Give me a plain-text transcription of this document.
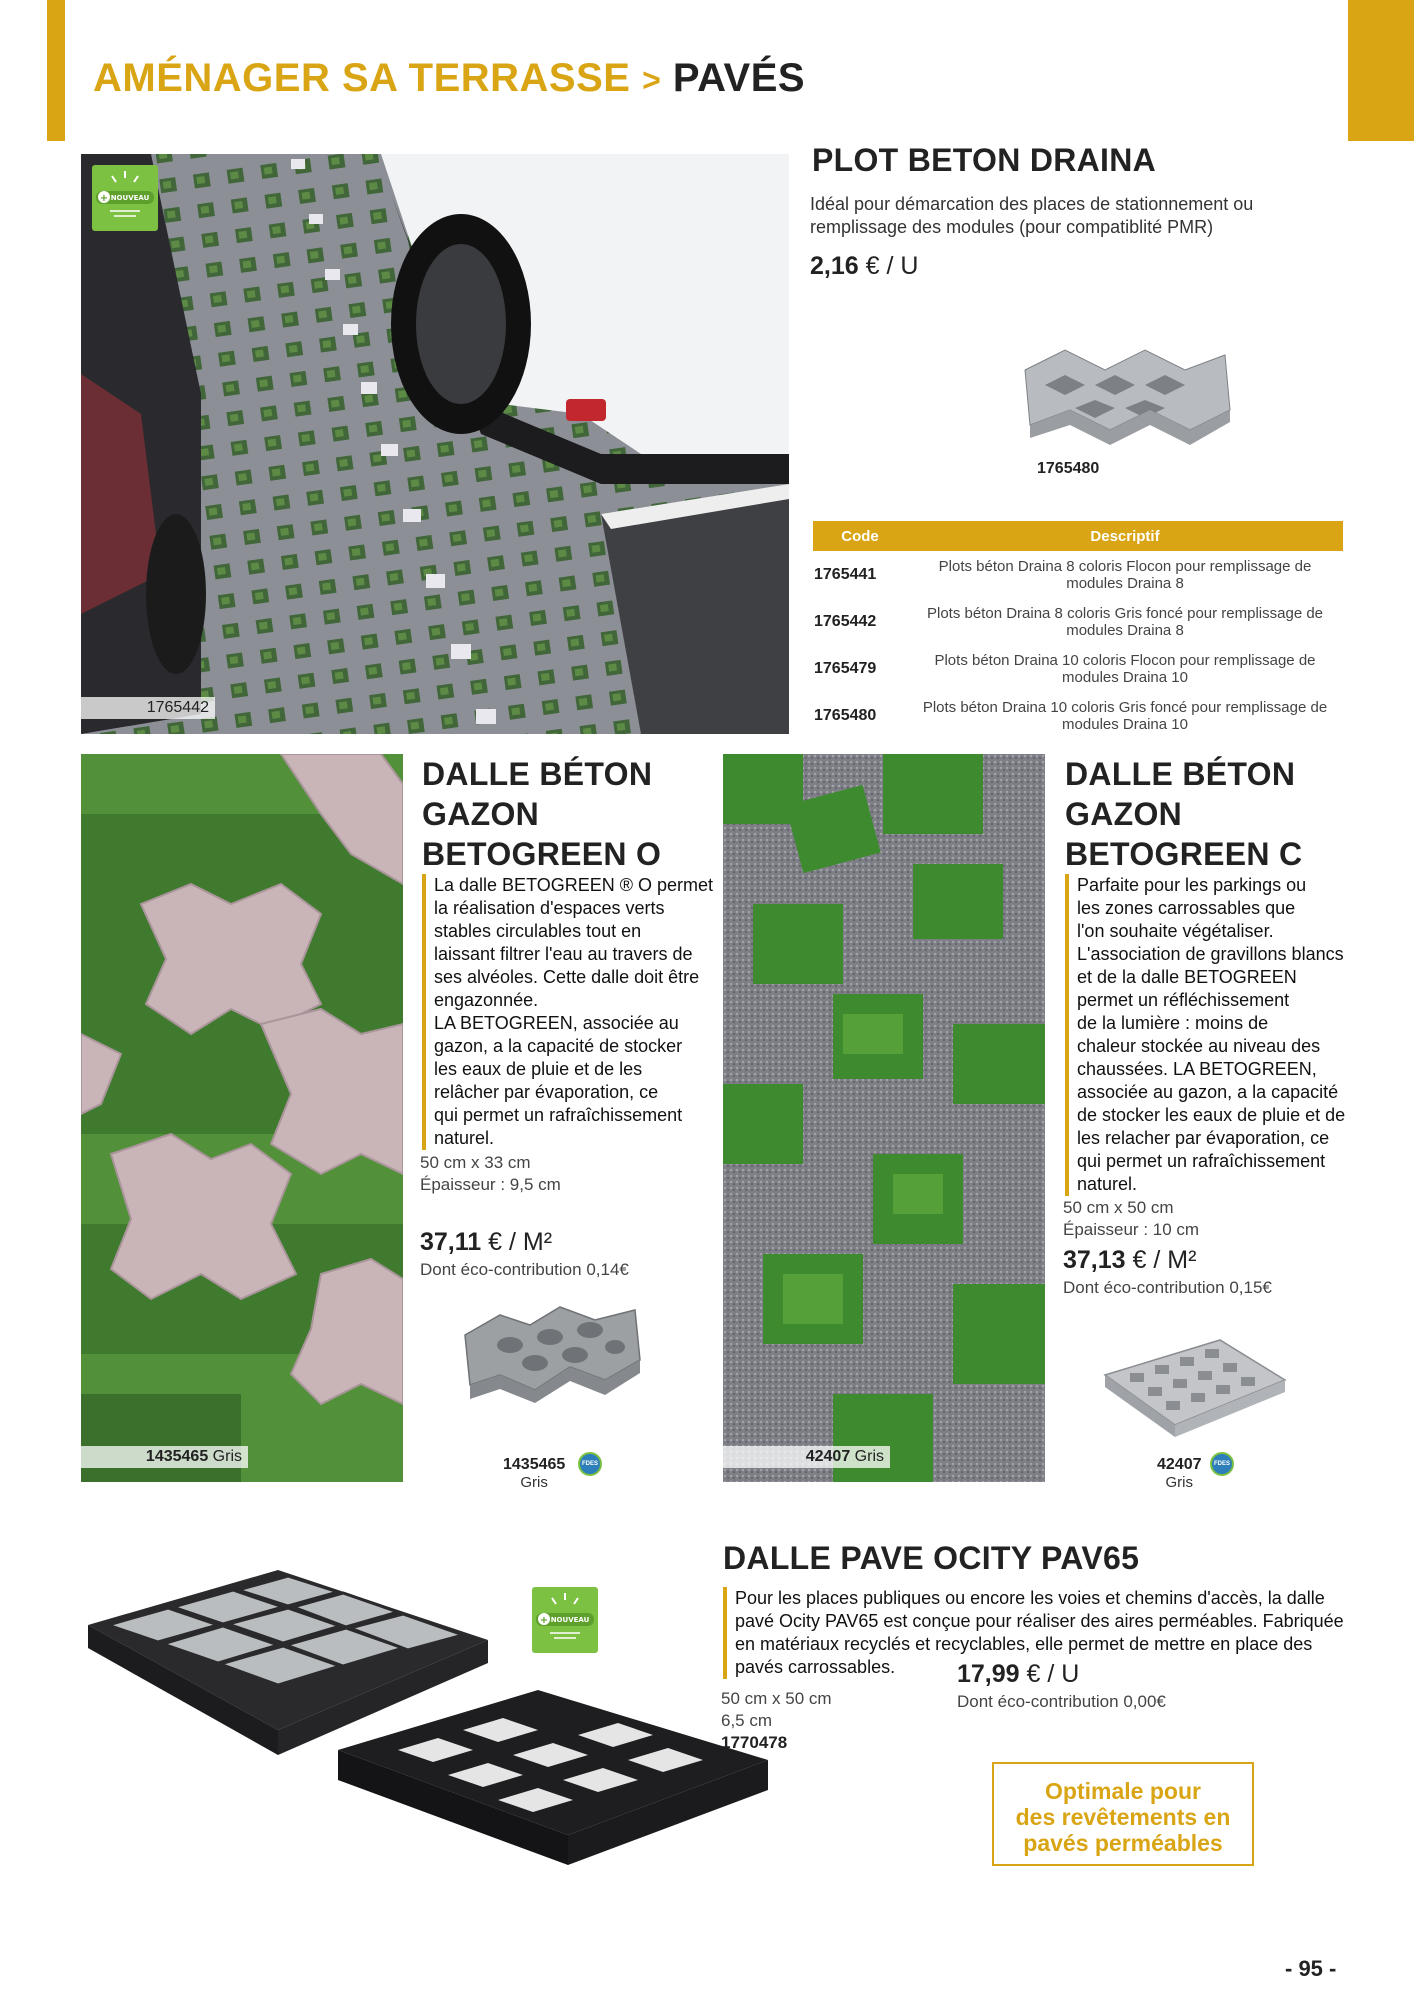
AMÉNAGER SA TERRASSE > PAVÉS
1765442
+ NOUVEAU
PLOT BETON DRAINA
Idéal pour démarcation des places de stationnement ou remplissage des modules (pour compatiblité PMR)
2,16 € / U
1765480
Code	Descriptif
1765441	Plots béton Draina 8 coloris Flocon pour remplissage de
modules Draina 8
1765442	Plots béton Draina 8 coloris Gris foncé pour remplissage de
modules Draina 8
1765479	Plots béton Draina 10 coloris Flocon pour remplissage de
modules Draina 10
1765480	Plots béton Draina 10 coloris Gris foncé pour remplissage de
modules Draina 10
1435465 Gris
DALLE BÉTON
GAZON
BETOGREEN O
La dalle BETOGREEN ® O permet
la réalisation d'espaces verts
stables circulables tout en
laissant filtrer l'eau au travers de
ses alvéoles. Cette dalle doit être
engazonnée.
LA BETOGREEN, associée au
gazon, a la capacité de stocker
les eaux de pluie et de les
relâcher par évaporation, ce
qui permet un rafraîchissement
naturel.
50 cm x 33 cm
Épaisseur : 9,5 cm
37,11 € / M²
Dont éco-contribution 0,14€
1435465
Gris
FDES	42407 Gris
DALLE BÉTON
GAZON
BETOGREEN C
Parfaite pour les parkings ou
les zones carrossables que
l'on souhaite végétaliser.
L'association de gravillons blancs
et de la dalle BETOGREEN
permet un réfléchissement
de la lumière : moins de
chaleur stockée au niveau des
chaussées. LA BETOGREEN,
associée au gazon, a la capacité
de stocker les eaux de pluie et de
les relacher par évaporation, ce
qui permet un rafraîchissement
naturel.
50 cm x 50 cm
Épaisseur : 10 cm
37,13 € / M²
Dont éco-contribution 0,15€
42407
Gris
FDES
+ NOUVEAU
DALLE PAVE OCITY PAV65
Pour les places publiques ou encore les voies et chemins d'accès, la dalle
pavé Ocity PAV65 est conçue pour réaliser des aires perméables. Fabriquée
en matériaux recyclés et recyclables, elle permet de mettre en place des
pavés carrossables.
50 cm x 50 cm
6,5 cm
1770478
17,99 € / U
Dont éco-contribution 0,00€
Optimale pour
des revêtements en
pavés perméables
- 95 -
